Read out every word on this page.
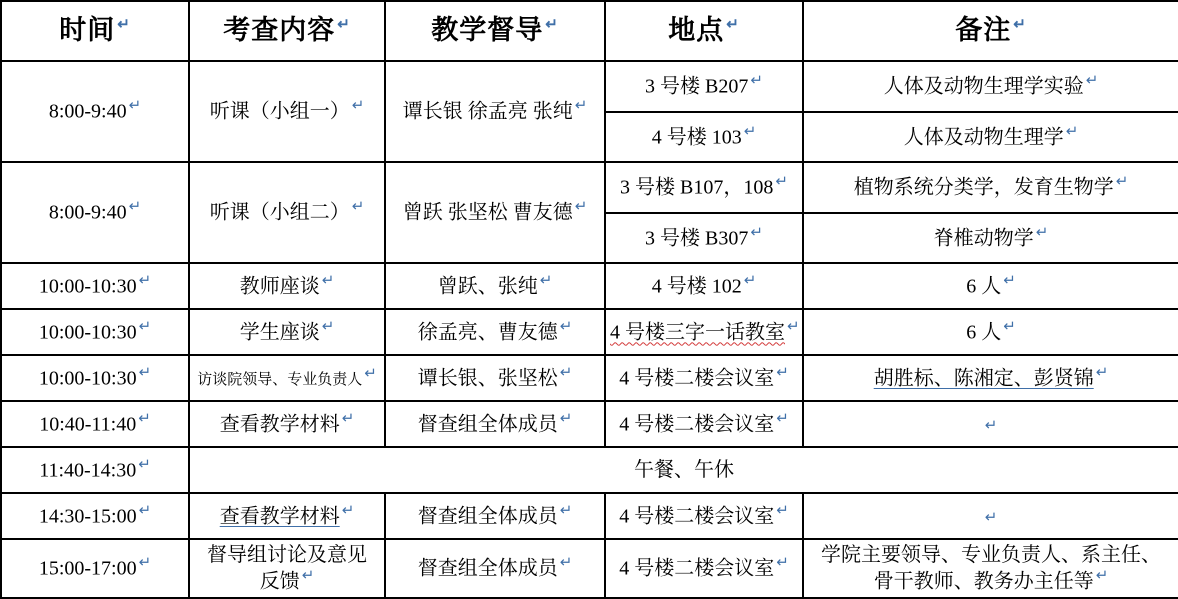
时间 ↵	考查内容 ↵	教学督导 ↵	地点 ↵	备注 ↵
8:00-9:40 ↵	听课（小组一） ↵	谭长银 徐孟亮 张纯 ↵	3 号楼 B207 ↵	人体及动物生理学实验 ↵
			4 号楼 103 ↵	人体及动物生理学 ↵
8:00-9:40 ↵	听课（小组二） ↵	曾跃 张坚松 曹友德 ↵	3 号楼 B107，108 ↵	植物系统分类学，发育生物学 ↵
			3 号楼 B307 ↵	脊椎动物学 ↵
10:00-10:30 ↵	教师座谈 ↵	曾跃、张纯 ↵	4 号楼 102 ↵	6 人 ↵
10:00-10:30 ↵	学生座谈 ↵	徐孟亮、曹友德 ↵	4 号楼三字一话教室 ↵	6 人 ↵
10:00-10:30 ↵	访谈院领导、专业负责人 ↵	谭长银、张坚松 ↵	4 号楼二楼会议室 ↵	胡胜标、陈湘定、彭贤锦 ↵
10:40-11:40 ↵	查看教学材料 ↵	督查组全体成员 ↵	4 号楼二楼会议室 ↵	↵
11:40-14:30 ↵	午餐、午休			
14:30-15:00 ↵	查看教学材料 ↵	督查组全体成员 ↵	4 号楼二楼会议室 ↵	↵
15:00-17:00 ↵	督导组讨论及意见
反馈 ↵	督查组全体成员 ↵	4 号楼二楼会议室 ↵	学院主要领导、专业负责人、系主任、
骨干教师、教务办主任等 ↵
